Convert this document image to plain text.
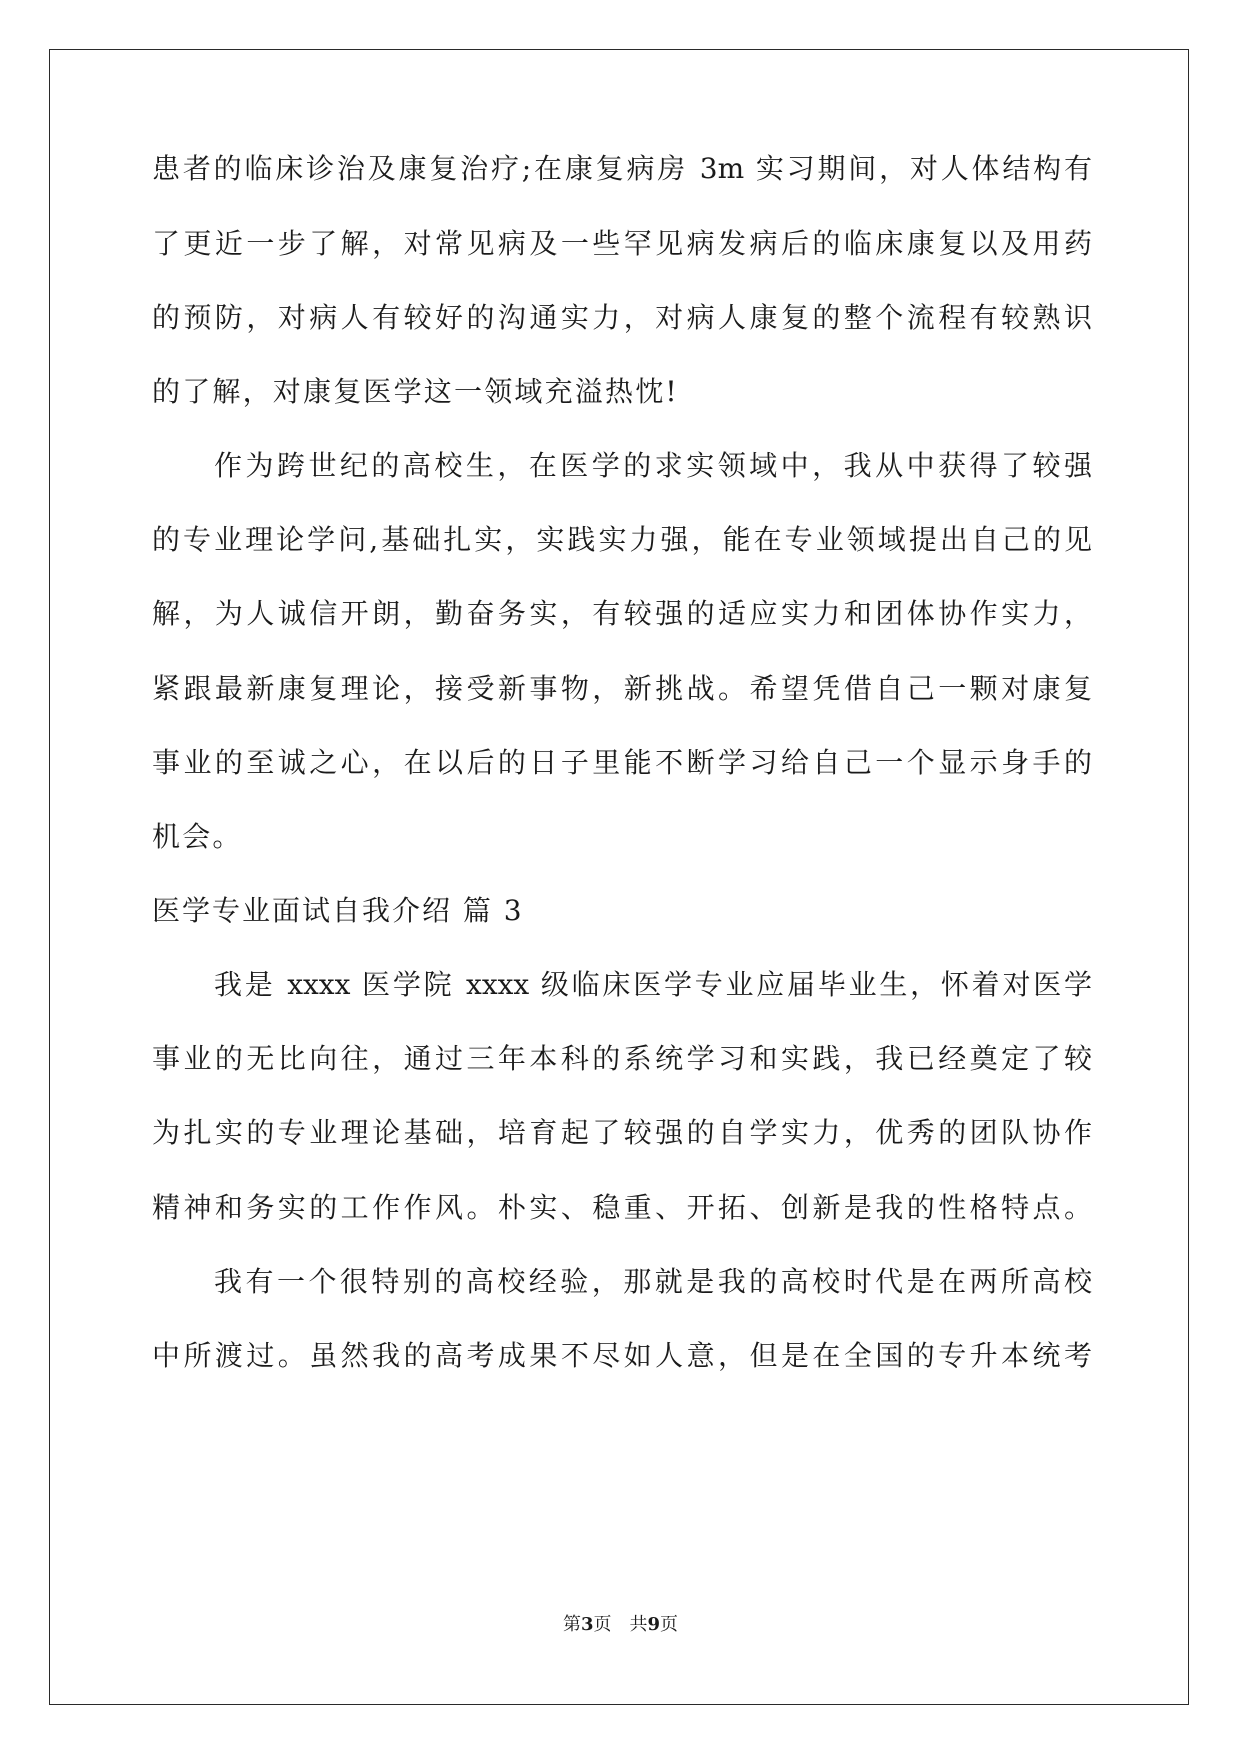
患者的临床诊治及康复治疗;在康复病房 3m 实习期间，对人体结构有
了更近一步了解，对常见病及一些罕见病发病后的临床康复以及用药
的预防，对病人有较好的沟通实力，对病人康复的整个流程有较熟识
的了解，对康复医学这一领域充溢热忱!
作为跨世纪的高校生，在医学的求实领域中，我从中获得了较强
的专业理论学问,基础扎实，实践实力强，能在专业领域提出自己的见
解，为人诚信开朗，勤奋务实，有较强的适应实力和团体协作实力，
紧跟最新康复理论，接受新事物，新挑战。希望凭借自己一颗对康复
事业的至诚之心，在以后的日子里能不断学习给自己一个显示身手的
机会。
医学专业面试自我介绍 篇 3
我是 xxxx 医学院 xxxx 级临床医学专业应届毕业生，怀着对医学
事业的无比向往，通过三年本科的系统学习和实践，我已经奠定了较
为扎实的专业理论基础，培育起了较强的自学实力，优秀的团队协作
精神和务实的工作作风。朴实、稳重、开拓、创新是我的性格特点。
我有一个很特别的高校经验，那就是我的高校时代是在两所高校
中所渡过。虽然我的高考成果不尽如人意，但是在全国的专升本统考
第3页　共9页
